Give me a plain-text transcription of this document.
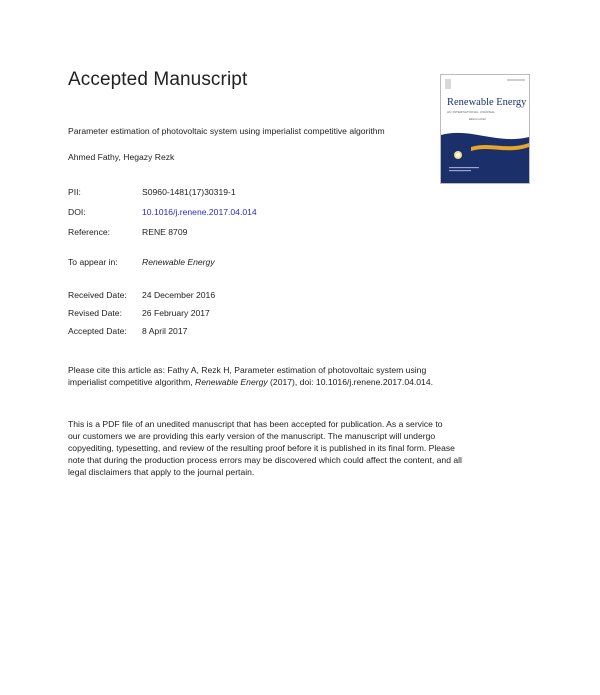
Accepted Manuscript
Renewable Energy
AN INTERNATIONAL JOURNAL
Editor-in-Chief
Parameter estimation of photovoltaic system using imperialist competitive algorithm
Ahmed Fathy, Hegazy Rezk
PII:	S0960-1481(17)30319-1
DOI:	10.1016/j.renene.2017.04.014
Reference:	RENE 8709
To appear in:	Renewable Energy
Received Date: 24 December 2016
Revised Date: 26 February 2017
Accepted Date: 8 April 2017
Please cite this article as: Fathy A, Rezk H, Parameter estimation of photovoltaic system using
imperialist competitive algorithm, Renewable Energy (2017), doi: 10.1016/j.renene.2017.04.014.
This is a PDF file of an unedited manuscript that has been accepted for publication. As a service to
our customers we are providing this early version of the manuscript. The manuscript will undergo
copyediting, typesetting, and review of the resulting proof before it is published in its final form. Please
note that during the production process errors may be discovered which could affect the content, and all
legal disclaimers that apply to the journal pertain.
